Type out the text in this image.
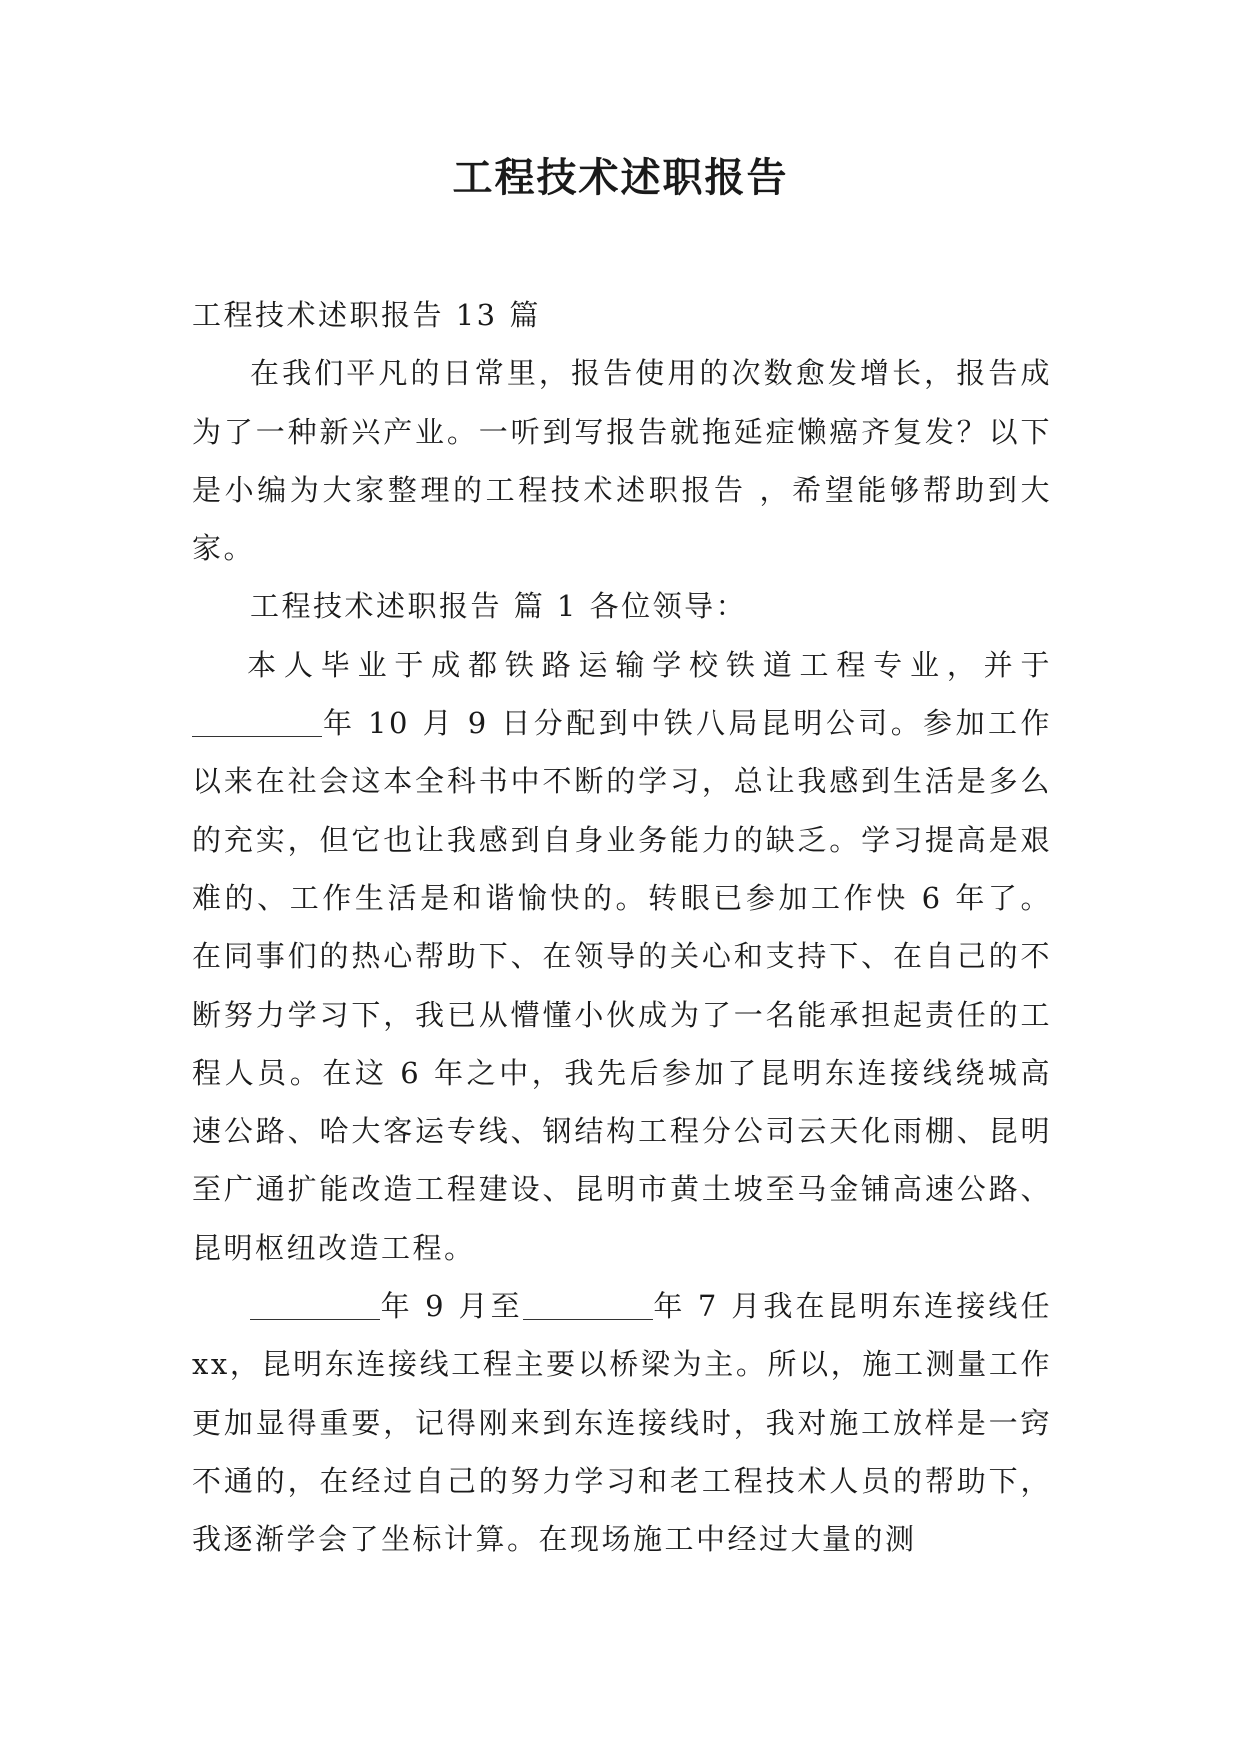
工程技术述职报告

工程技术述职报告 13 篇

在我们平凡的日常里，报告使用的次数愈发增长，报告成为了一种新兴产业。一听到写报告就拖延症懒癌齐复发？以下是小编为大家整理的工程技术述职报告 ，希望能够帮助到大家。

工程技术述职报告 篇 1 各位领导：

本人毕业于成都铁路运输学校铁道工程专业，并于年 10 月 9 日分配到中铁八局昆明公司。参加工作以来在社会这本全科书中不断的学习，总让我感到生活是多么的充实，但它也让我感到自身业务能力的缺乏。学习提高是艰难的、工作生活是和谐愉快的。转眼已参加工作快 6 年了。在同事们的热心帮助下、在领导的关心和支持下、在自己的不断努力学习下，我已从懵懂小伙成为了一名能承担起责任的工程人员。在这 6 年之中，我先后参加了昆明东连接线绕城高速公路、哈大客运专线、钢结构工程分公司云天化雨棚、昆明至广通扩能改造工程建设、昆明市黄土坡至马金铺高速公路、昆明枢纽改造工程。

年 9 月至	年 7 月我在昆明东连接线任 xx，昆明东连接线工程主要以桥梁为主。所以，施工测量工作更加显得重要，记得刚来到东连接线时，我对施工放样是一窍不通的，在经过自己的努力学习和老工程技术人员的帮助下，我逐渐学会了坐标计算。在现场施工中经过大量的测
